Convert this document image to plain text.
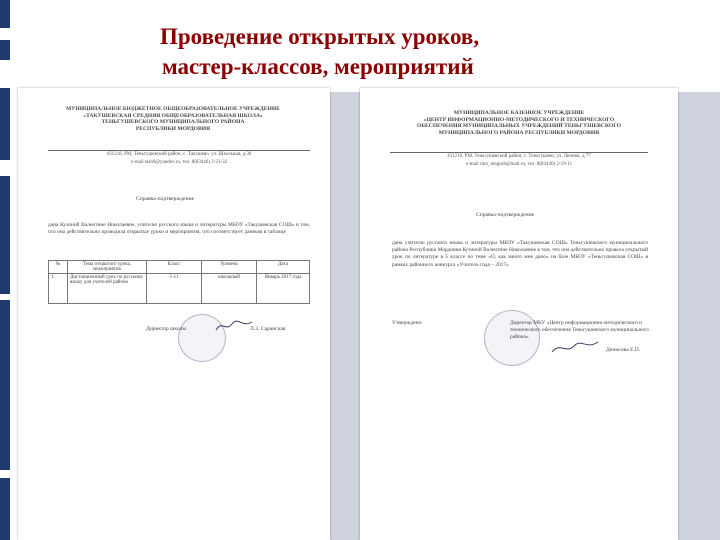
Проведение открытых уроков,
мастер-классов, мероприятий
МУНИЦИПАЛЬНОЕ БЮДЖЕТНОЕ ОБЩЕОБРАЗОВАТЕЛЬНОЕ УЧРЕЖДЕНИЕ
«ТАКУШЕВСКАЯ СРЕДНЯЯ ОБЩЕОБРАЗОВАТЕЛЬНАЯ ШКОЛА»
ТЕНЬГУШЕВСКОГО МУНИЦИПАЛЬНОГО РАЙОНА
РЕСПУБЛИКИ МОРДОВИЯ
431218, РМ, Теньгушевский район, с. Такушево, ул. Школьная, д.30
e-mail tash9@yandex.ru, тел. 8(83446) 2-23-32
Справка-подтверждение
дана Кузиной Валентине Николаевне, учителю русского языка и литературы МБОУ «Такушевская СОШ» в том, что она действительно проводила открытые уроки и мероприятия, что соответствует данным в таблице
№	Тема открытого урока, мероприятия	Класс	Уровень	Дата
1.	Дистанционный урок по русскому языку для учителей района	5-11	школьный	Январь 2017 года
Директор школы	Л.З. Саранская
МУНИЦИПАЛЬНОЕ КАЗЕННОЕ УЧРЕЖДЕНИЕ
«ЦЕНТР ИНФОРМАЦИОННО-МЕТОДИЧЕСКОГО И ТЕХНИЧЕСКОГО
ОБЕСПЕЧЕНИЯ МУНИЦИПАЛЬНЫХ УЧРЕЖДЕНИЙ ТЕНЬГУШЕВСКОГО
МУНИЦИПАЛЬНОГО РАЙОНА РЕСПУБЛИКИ МОРДОВИЯ
431210, РМ, Теньгушевский район, с. Теньгушево, ул. Ленина, д.77
e-mail rmo_tengush@mail.ru, тел. 8(83446) 2-19-11
Справка-подтверждение
дана учителю русского языка и литературы МБОУ «Такушевская СОШ» Теньгушевского муниципального района Республики Мордовия Кузиной Валентине Николаевне в том, что она действительно провела открытый урок по литературе в 5 классе по теме «О, как много мне дано» на базе МБОУ «Теньгушевская СОШ» в рамках районного конкурса «Учитель года – 2017»
Утверждено:	Директор МКУ «Центр информационно-методического и технического обеспечения Теньгушевского муниципального района»
Денисова Е.П.
